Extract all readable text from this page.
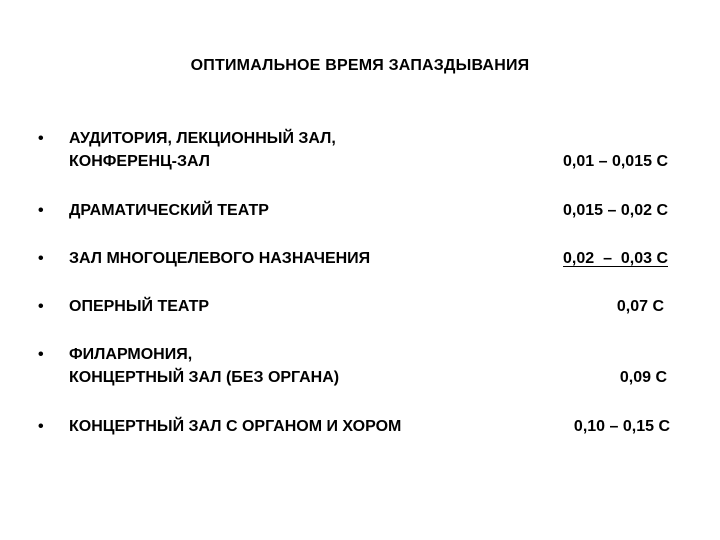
ОПТИМАЛЬНОЕ ВРЕМЯ ЗАПАЗДЫВАНИЯ
• АУДИТОРИЯ, ЛЕКЦИОННЫЙ ЗАЛ,
КОНФЕРЕНЦ-ЗАЛ	0,01 – 0,015 С
• ДРАМАТИЧЕСКИЙ ТЕАТР	0,015 – 0,02 С
• ЗАЛ МНОГОЦЕЛЕВОГО НАЗНАЧЕНИЯ	0,02  –  0,03 С
• ОПЕРНЫЙ ТЕАТР	0,07 С
• ФИЛАРМОНИЯ,
КОНЦЕРТНЫЙ ЗАЛ (БЕЗ ОРГАНА)	0,09 С
• КОНЦЕРТНЫЙ ЗАЛ С ОРГАНОМ И ХОРОМ	0,10 – 0,15 С
